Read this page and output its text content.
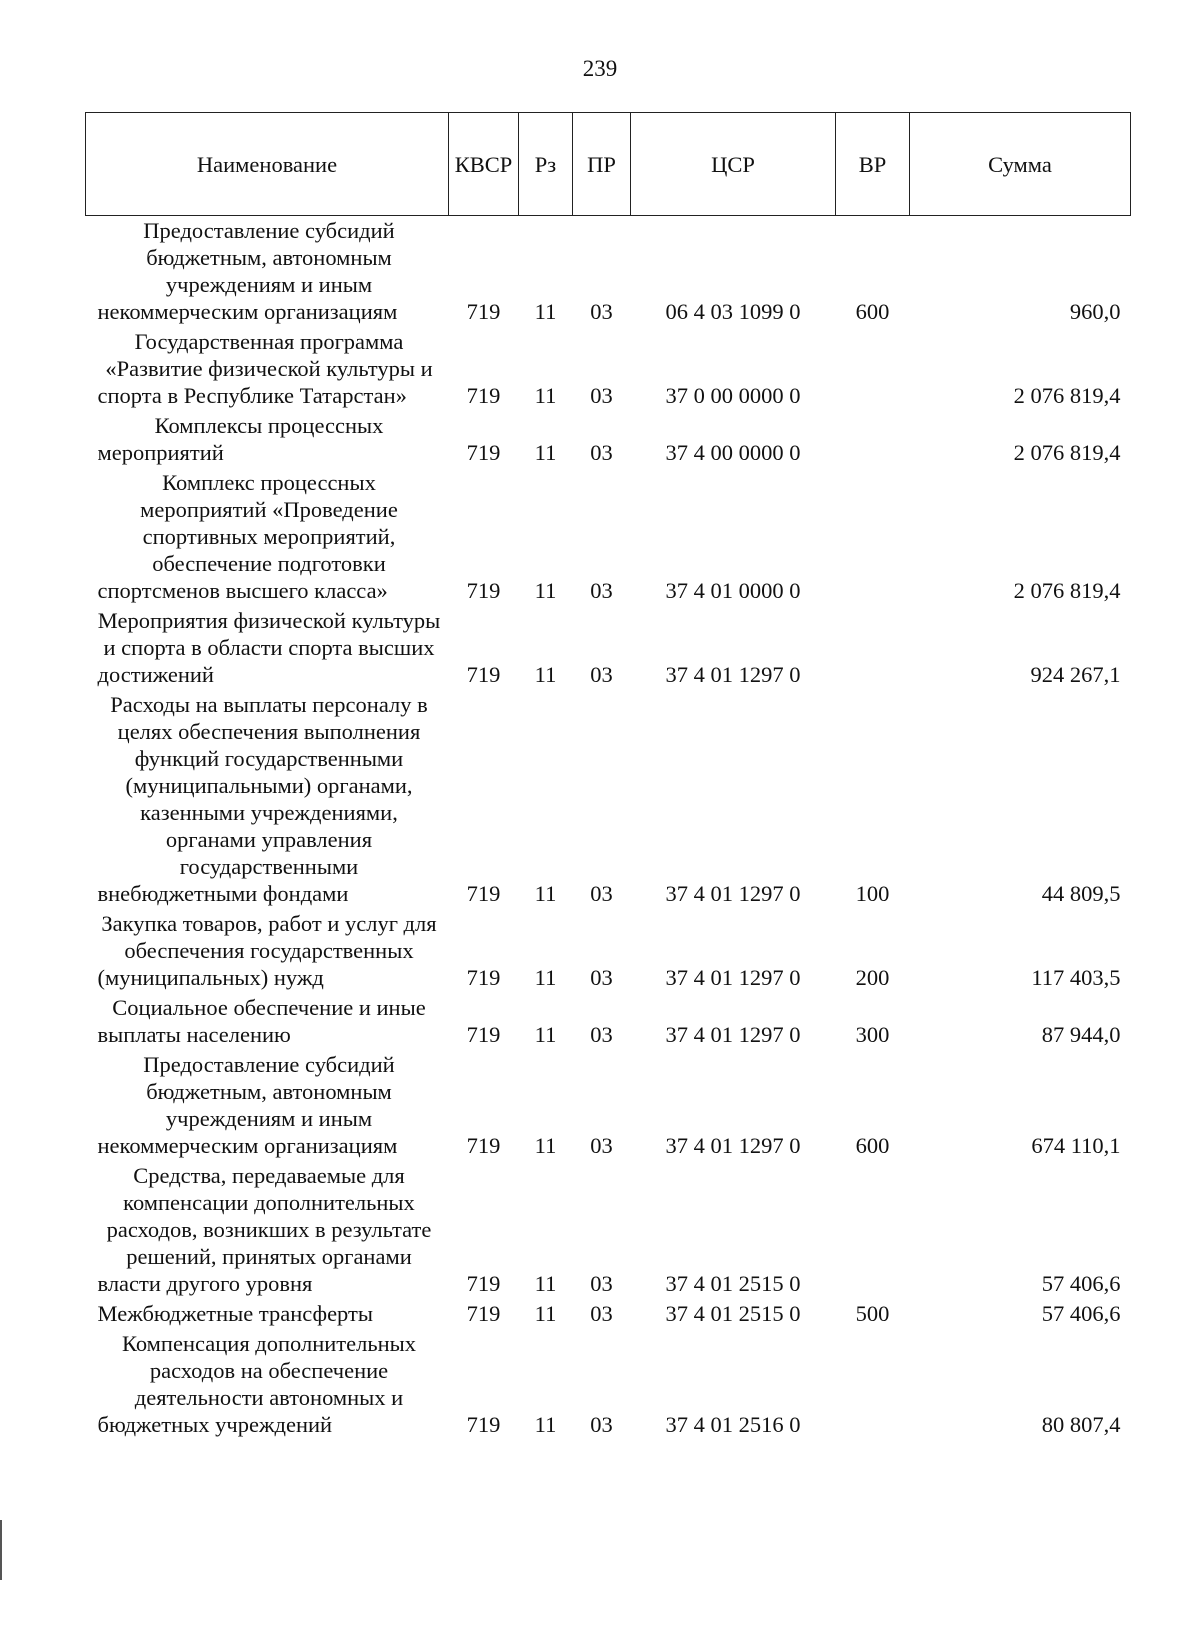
239
Наименование	КВСР	Рз	ПР	ЦСР	ВР	Сумма
Предоставление субсидий бюджетным, автономным учреждениям и иным некоммерческим организациям	719	11	03	06 4 03 1099 0	600	960,0
Государственная программа «Развитие физической культуры и спорта в Республике Татарстан»	719	11	03	37 0 00 0000 0		2 076 819,4
Комплексы процессных мероприятий	719	11	03	37 4 00 0000 0		2 076 819,4
Комплекс процессных мероприятий «Проведение спортивных мероприятий, обеспечение подготовки спортсменов высшего класса»	719	11	03	37 4 01 0000 0		2 076 819,4
Мероприятия физической культуры и спорта в области спорта высших достижений	719	11	03	37 4 01 1297 0		924 267,1
Расходы на выплаты персоналу в целях обеспечения выполнения функций государственными (муниципальными) органами, казенными учреждениями, органами управления государственными внебюджетными фондами	719	11	03	37 4 01 1297 0	100	44 809,5
Закупка товаров, работ и услуг для обеспечения государственных (муниципальных) нужд	719	11	03	37 4 01 1297 0	200	117 403,5
Социальное обеспечение и иные выплаты населению	719	11	03	37 4 01 1297 0	300	87 944,0
Предоставление субсидий бюджетным, автономным учреждениям и иным некоммерческим организациям	719	11	03	37 4 01 1297 0	600	674 110,1
Средства, передаваемые для компенсации дополнительных расходов, возникших в результате решений, принятых органами власти другого уровня	719	11	03	37 4 01 2515 0		57 406,6
Межбюджетные трансферты	719	11	03	37 4 01 2515 0	500	57 406,6
Компенсация дополнительных расходов на обеспечение деятельности автономных и бюджетных учреждений	719	11	03	37 4 01 2516 0		80 807,4
